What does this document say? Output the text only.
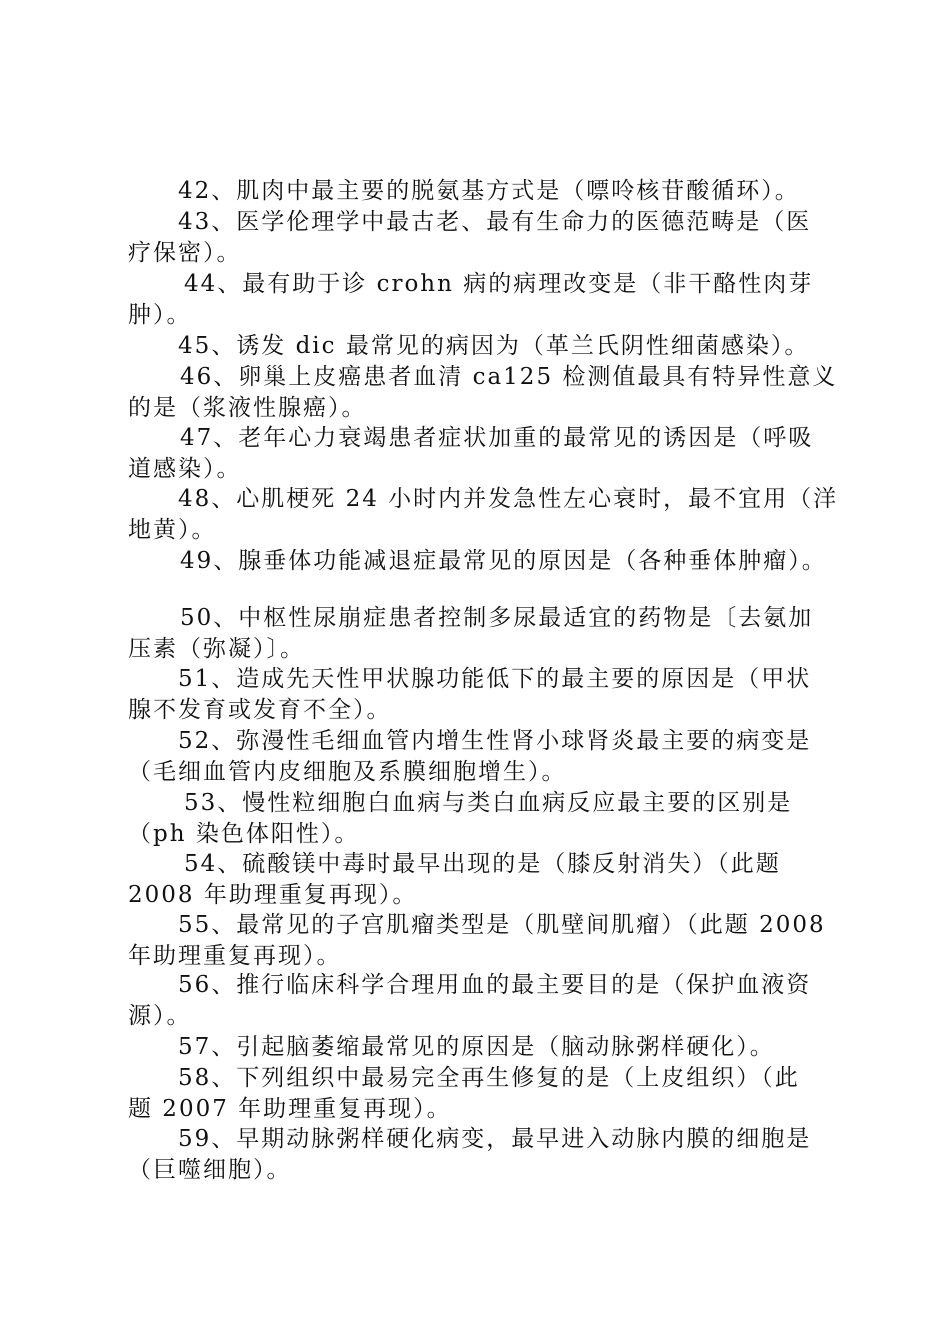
42、肌肉中最主要的脱氨基方式是（嘌呤核苷酸循环）。
43、医学伦理学中最古老、最有生命力的医德范畴是（医
疗保密）。
44、最有助于诊 crohn 病的病理改变是（非干酪性肉芽
肿）。
45、诱发 dic 最常见的病因为（革兰氏阴性细菌感染）。
46、卵巢上皮癌患者血清 ca125 检测值最具有特异性意义
的是（浆液性腺癌）。
47、老年心力衰竭患者症状加重的最常见的诱因是（呼吸
道感染）。
48、心肌梗死 24 小时内并发急性左心衰时，最不宜用（洋
地黄）。
49、腺垂体功能减退症最常见的原因是（各种垂体肿瘤）。
50、中枢性尿崩症患者控制多尿最适宜的药物是〔去氨加
压素（弥凝）〕。
51、造成先天性甲状腺功能低下的最主要的原因是（甲状
腺不发育或发育不全）。
52、弥漫性毛细血管内增生性肾小球肾炎最主要的病变是
（毛细血管内皮细胞及系膜细胞增生）。
53、慢性粒细胞白血病与类白血病反应最主要的区别是
（ph 染色体阳性）。
54、硫酸镁中毒时最早出现的是（膝反射消失）（此题
2008 年助理重复再现）。
55、最常见的子宫肌瘤类型是（肌壁间肌瘤）（此题 2008
年助理重复再现）。
56、推行临床科学合理用血的最主要目的是（保护血液资
源）。
57、引起脑萎缩最常见的原因是（脑动脉粥样硬化）。
58、下列组织中最易完全再生修复的是（上皮组织）（此
题 2007 年助理重复再现）。
59、早期动脉粥样硬化病变，最早进入动脉内膜的细胞是
（巨噬细胞）。
